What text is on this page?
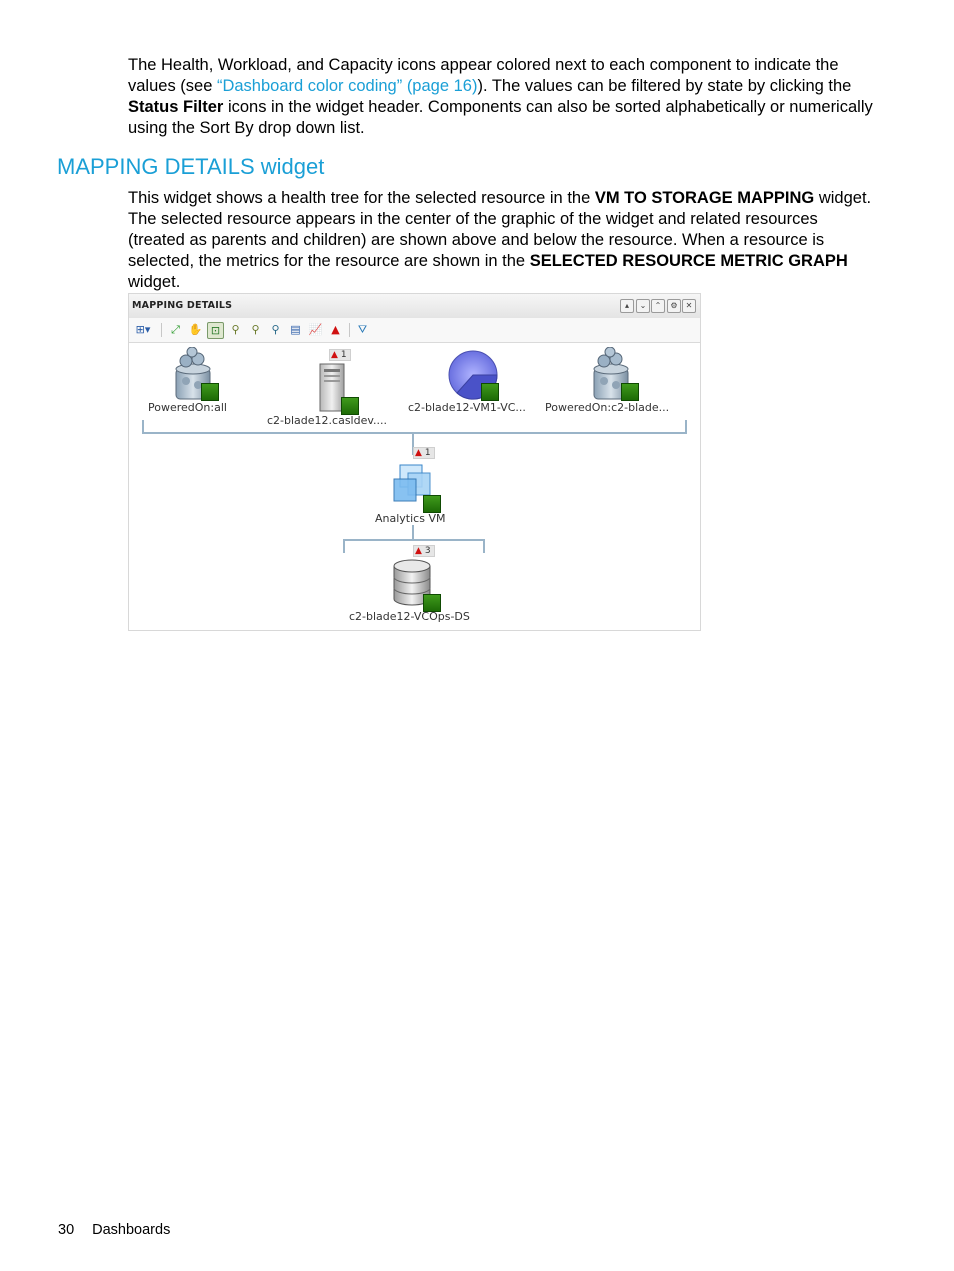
The Health, Workload, and Capacity icons appear colored next to each component to indicate the values (see “Dashboard color coding” (page 16)). The values can be filtered by state by clicking the Status Filter icons in the widget header. Components can also be sorted alphabetically or numerically using the Sort By drop down list.

MAPPING DETAILS widget

This widget shows a health tree for the selected resource in the VM TO STORAGE MAPPING widget. The selected resource appears in the center of the graphic of the widget and related resources (treated as parents and children) are shown above and below the resource. When a resource is selected, the metrics for the resource are shown in the SELECTED RESOURCE METRIC GRAPH widget.

MAPPING DETAILS	▴	⌄	⌃	⚙	✕
⊞▾	⤢ ✋ ⊡	⚲	⚲	⚲ ▤ 📈 ▲ ⛛
PoweredOn:all
▲ 1
c2-blade12.casldev....
c2-blade12-VM1-VC... PoweredOn:c2-blade...
▲ 1
Analytics VM
▲ 3
c2-blade12-VCOps-DS
30 Dashboards
